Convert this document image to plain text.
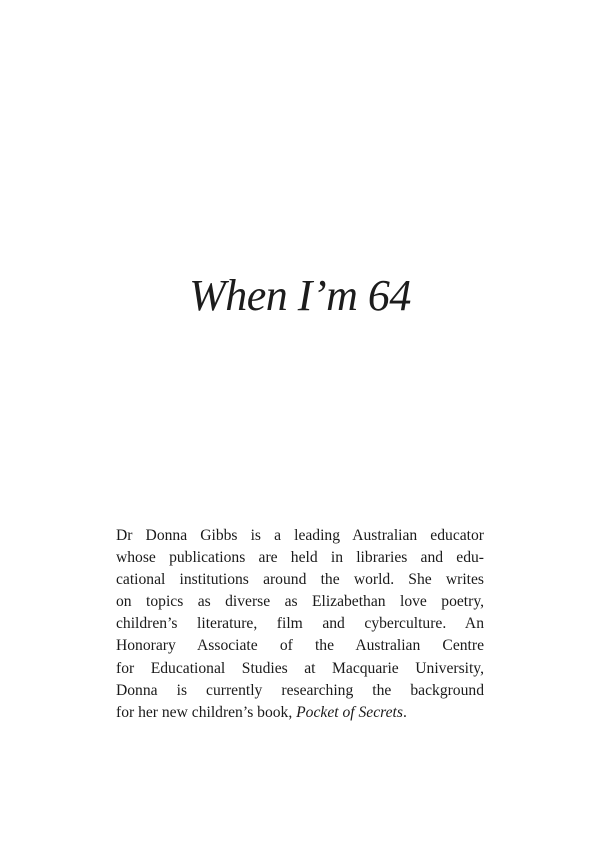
When I’m 64
Dr Donna Gibbs is a leading Australian educator
whose publications are held in libraries and edu-
cational institutions around the world. She writes
on topics as diverse as Elizabethan love poetry,
children’s literature, film and cyberculture. An
Honorary Associate of the Australian Centre
for Educational Studies at Macquarie University,
Donna is currently researching the background
for her new children’s book, Pocket of Secrets.
